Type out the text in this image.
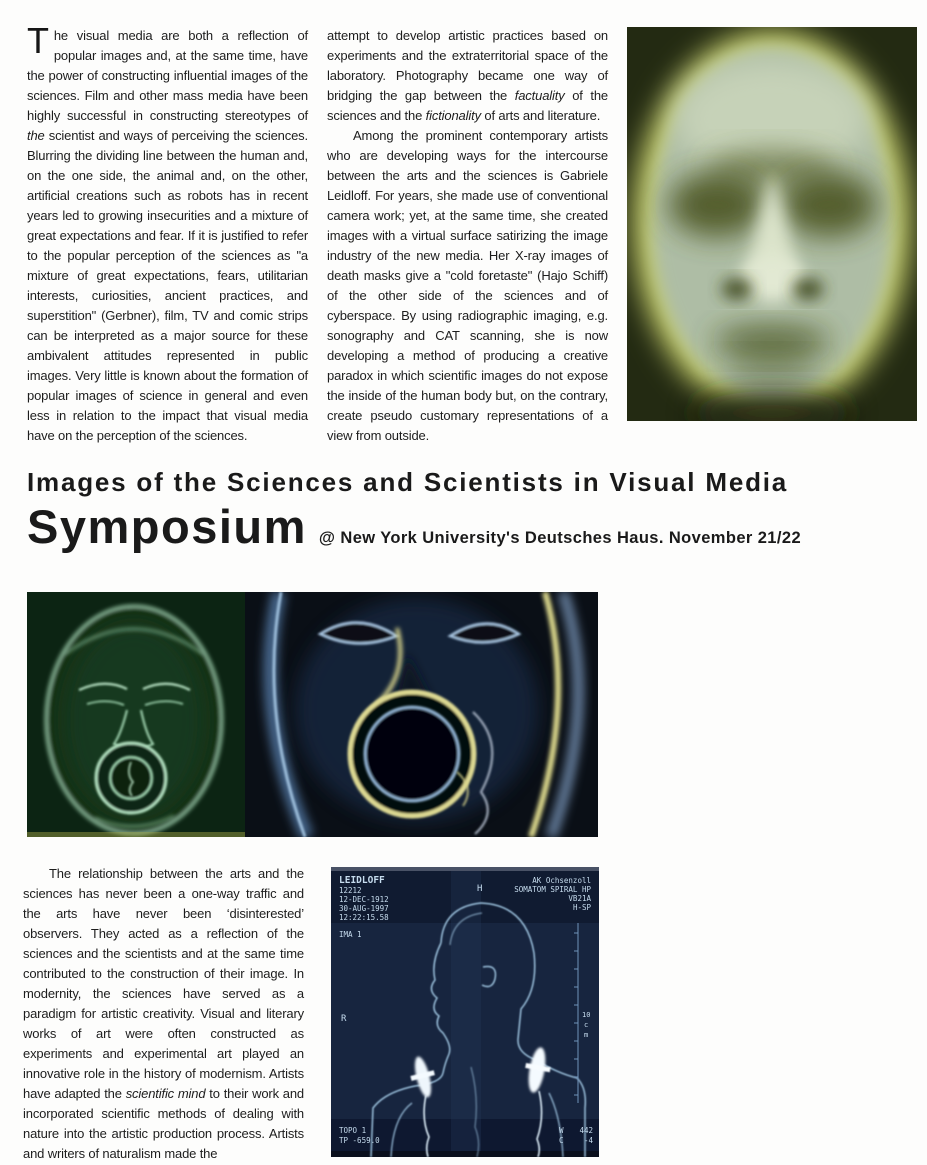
The visual media are both a reflection of popular images and, at the same time, have the power of constructing influential images of the sciences. Film and other mass media have been highly successful in constructing stereotypes of the scientist and ways of perceiving the sciences. Blurring the dividing line between the human and, on the one side, the animal and, on the other, artificial creations such as robots has in recent years led to growing insecurities and a mixture of great expectations and fear. If it is justified to refer to the popular perception of the sciences as "a mixture of great expectations, fears, utilitarian interests, curiosities, ancient practices, and superstition" (Gerbner), film, TV and comic strips can be interpreted as a major source for these ambivalent attitudes represented in public images. Very little is known about the formation of popular images of science in general and even less in relation to the impact that visual media have on the perception of the sciences.

attempt to develop artistic practices based on experiments and the extraterritorial space of the laboratory. Photography became one way of bridging the gap between the factuality of the sciences and the fictionality of arts and literature.

Among the prominent contemporary artists who are developing ways for the intercourse between the arts and the sciences is Gabriele Leidloff. For years, she made use of conventional camera work; yet, at the same time, she created images with a virtual surface satirizing the image industry of the new media. Her X-ray images of death masks give a "cold foretaste" (Hajo Schiff) of the other side of the sciences and of cyberspace. By using radiographic imaging, e.g. sonography and CAT scanning, she is now developing a method of producing a creative paradox in which scientific images do not expose the inside of the human body but, on the contrary, create pseudo customary representations of a view from outside.

Images of the Sciences and Scientists in Visual Media
Symposium @ New York University's Deutsches Haus. November 21/22

The relationship between the arts and the sciences has never been a one-way traffic and the arts have never been ‘disinterested’ observers. They acted as a reflection of the sciences and the scientists and at the same time contributed to the construction of their image. In modernity, the sciences have served as a paradigm for artistic creativity. Visual and literary works of art were often constructed as experiments and experimental art played an innovative role in the history of modernism. Artists have adapted the scientific mind to their work and incorporated scientific methods of dealing with nature into the artistic production process. Artists and writers of naturalism made the

LEIDLOFF
12212
12-DEC-1912
30-AUG-1997
12:22:15.58
IMA 1
AK Ochsenzoll
SOMATOM SPIRAL HP
VB21A
H-SP
H
R	10
c
m
TOPO 1
TP -659.0
W 442
C	-4
